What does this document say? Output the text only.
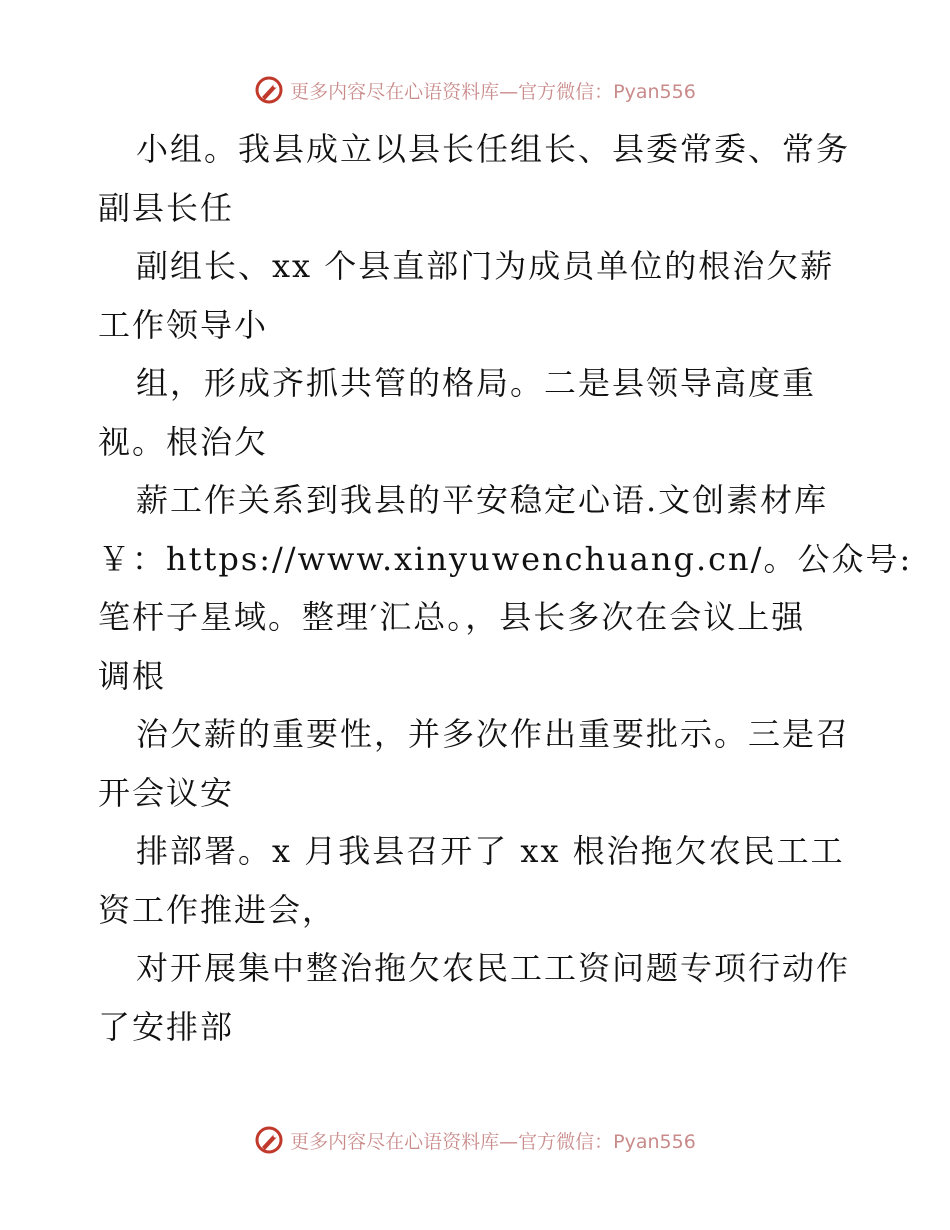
更多内容尽在心语资料库—官方微信：Pyan556
小组。我县成立以县长任组长、县委常委、常务
副县长任
副组长、xx 个县直部门为成员单位的根治欠薪
工作领导小
组，形成齐抓共管的格局。二是县领导高度重
视。根治欠
薪工作关系到我县的平安稳定心语.文创素材库
￥：https://www.xinyuwenchuang.cn/。公众号:
笔杆子星域。整理′汇总。，县长多次在会议上强
调根
治欠薪的重要性，并多次作出重要批示。三是召
开会议安
排部署。x 月我县召开了 xx 根治拖欠农民工工
资工作推进会，
对开展集中整治拖欠农民工工资问题专项行动作
了安排部
更多内容尽在心语资料库—官方微信：Pyan556
